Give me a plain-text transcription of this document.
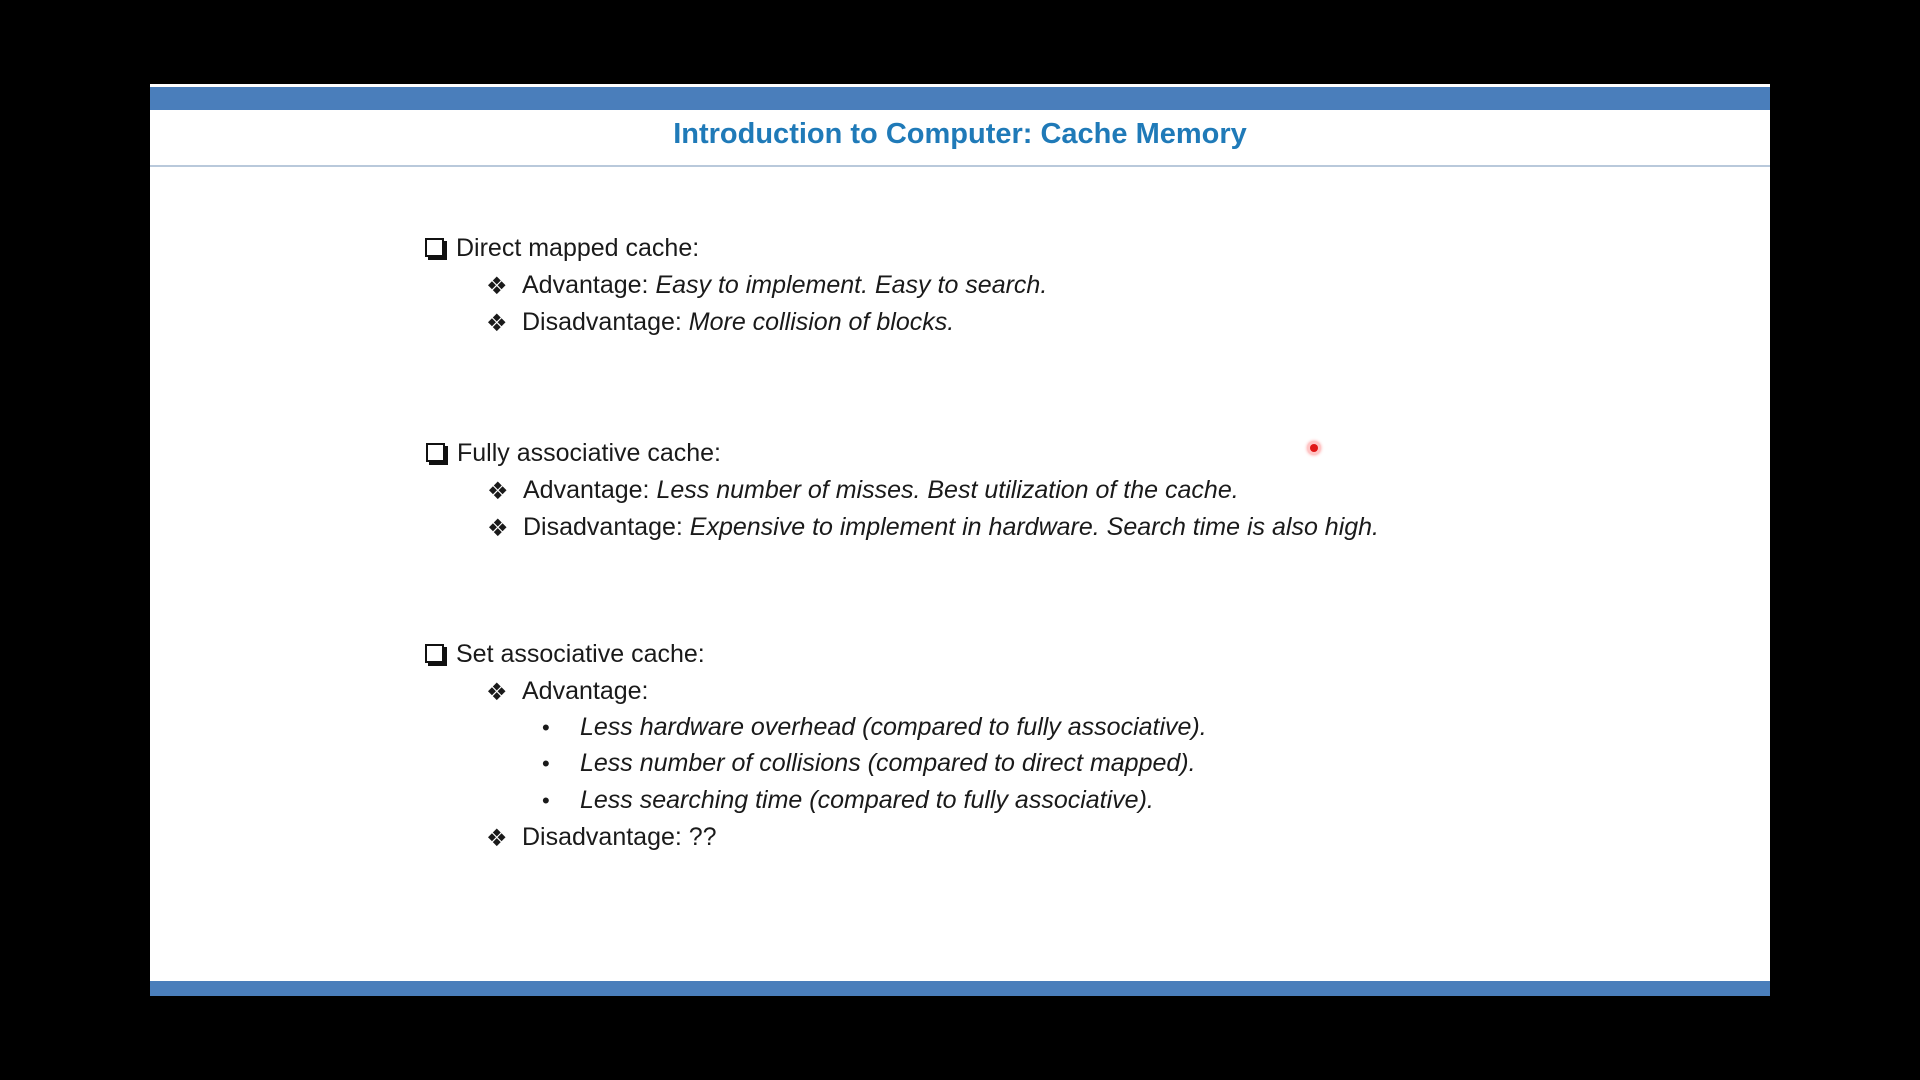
Introduction to Computer: Cache Memory
Direct mapped cache:
❖ Advantage: Easy to implement. Easy to search.
❖ Disadvantage: More collision of blocks.
Fully associative cache:
❖ Advantage: Less number of misses. Best utilization of the cache.
❖ Disadvantage: Expensive to implement in hardware. Search time is also high.
Set associative cache:
❖ Advantage:
• Less hardware overhead (compared to fully associative).
• Less number of collisions (compared to direct mapped).
• Less searching time (compared to fully associative).
❖ Disadvantage: ??
